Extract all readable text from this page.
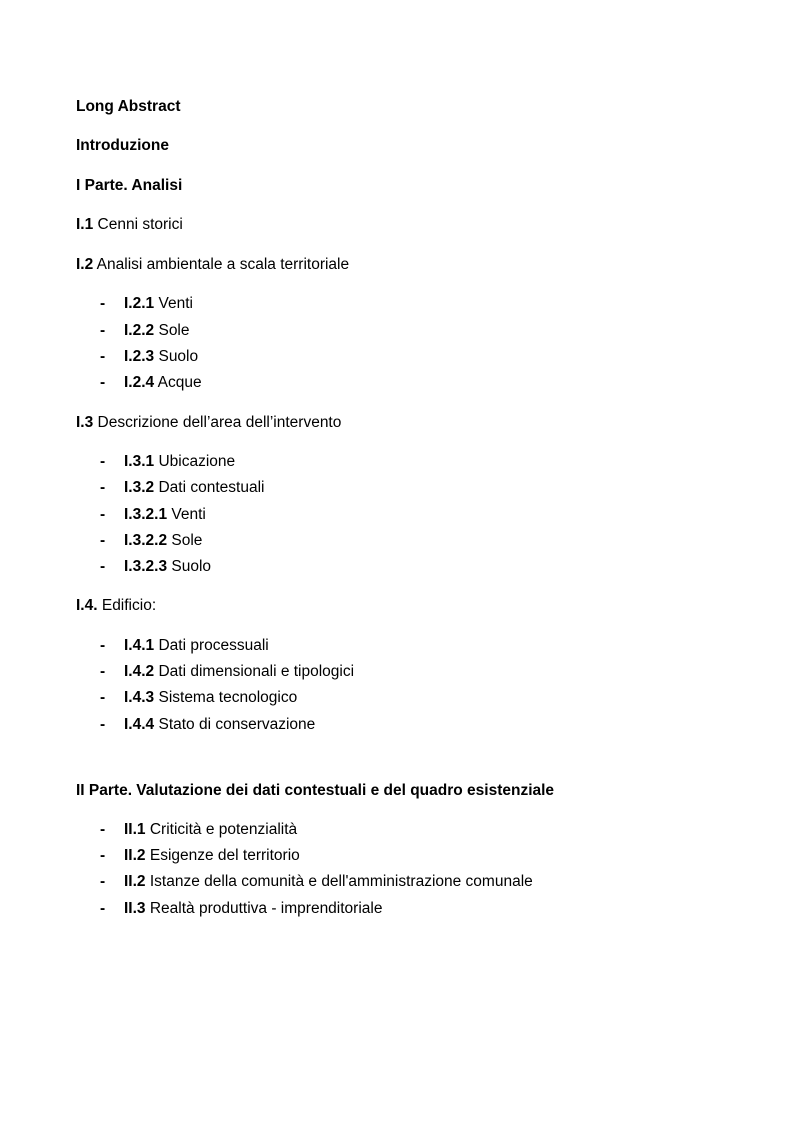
Long Abstract
Introduzione
I Parte. Analisi
I.1 Cenni storici
I.2 Analisi ambientale a scala territoriale
- I.2.1 Venti
- I.2.2 Sole
- I.2.3 Suolo
- I.2.4 Acque
I.3 Descrizione dell’area dell’intervento
- I.3.1 Ubicazione
- I.3.2 Dati contestuali
- I.3.2.1 Venti
- I.3.2.2 Sole
- I.3.2.3 Suolo
I.4. Edificio:
- I.4.1 Dati processuali
- I.4.2 Dati dimensionali e tipologici
- I.4.3 Sistema tecnologico
- I.4.4 Stato di conservazione
II Parte. Valutazione dei dati contestuali e del quadro esistenziale
- II.1 Criticità e potenzialità
- II.2 Esigenze del territorio
- II.2 Istanze della comunità e dell'amministrazione comunale
- II.3 Realtà produttiva - imprenditoriale
